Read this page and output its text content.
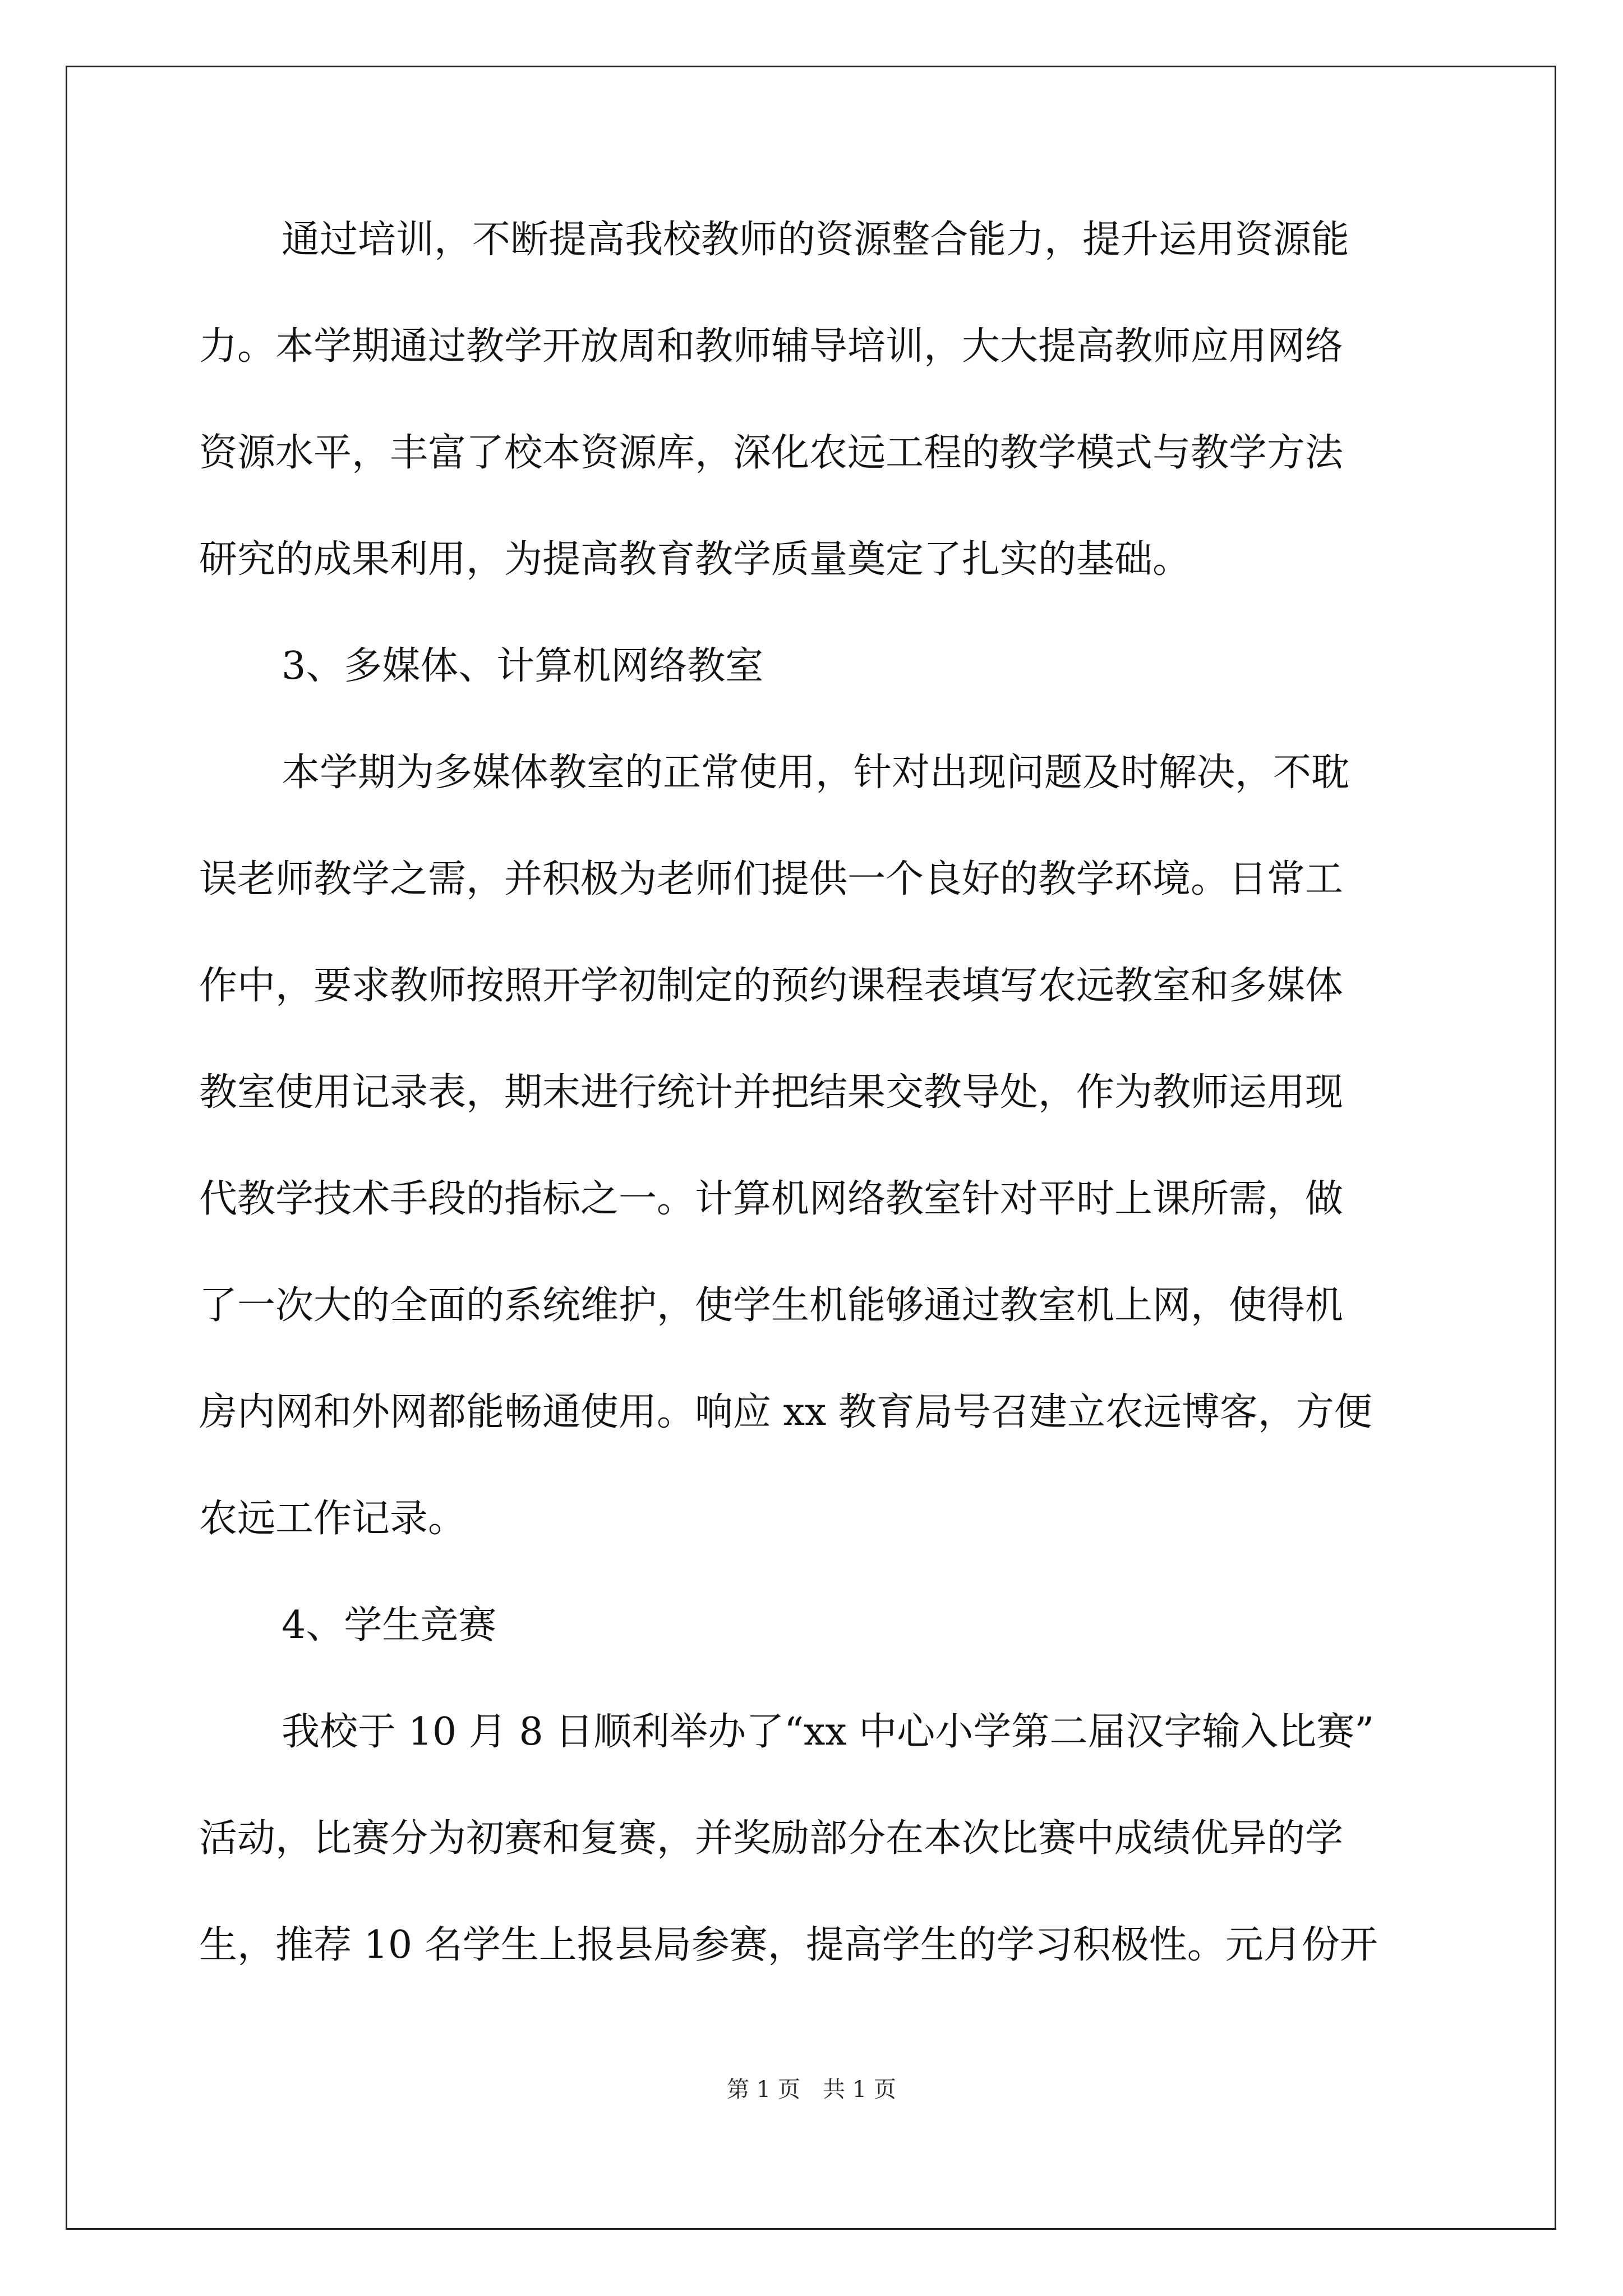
通过培训，不断提高我校教师的资源整合能力，提升运用资源能

力。本学期通过教学开放周和教师辅导培训，大大提高教师应用网络

资源水平，丰富了校本资源库，深化农远工程的教学模式与教学方法

研究的成果利用，为提高教育教学质量奠定了扎实的基础。

3、多媒体、计算机网络教室

本学期为多媒体教室的正常使用，针对出现问题及时解决，不耽

误老师教学之需，并积极为老师们提供一个良好的教学环境。日常工

作中，要求教师按照开学初制定的预约课程表填写农远教室和多媒体

教室使用记录表，期末进行统计并把结果交教导处，作为教师运用现

代教学技术手段的指标之一。计算机网络教室针对平时上课所需，做

了一次大的全面的系统维护，使学生机能够通过教室机上网，使得机

房内网和外网都能畅通使用。响应 xx 教育局号召建立农远博客，方便

农远工作记录。

4、学生竞赛

我校于 10 月 8 日顺利举办了“xx 中心小学第二届汉字输入比赛”

活动，比赛分为初赛和复赛，并奖励部分在本次比赛中成绩优异的学

生，推荐 10 名学生上报县局参赛，提高学生的学习积极性。元月份开

第 1 页　共 1 页
